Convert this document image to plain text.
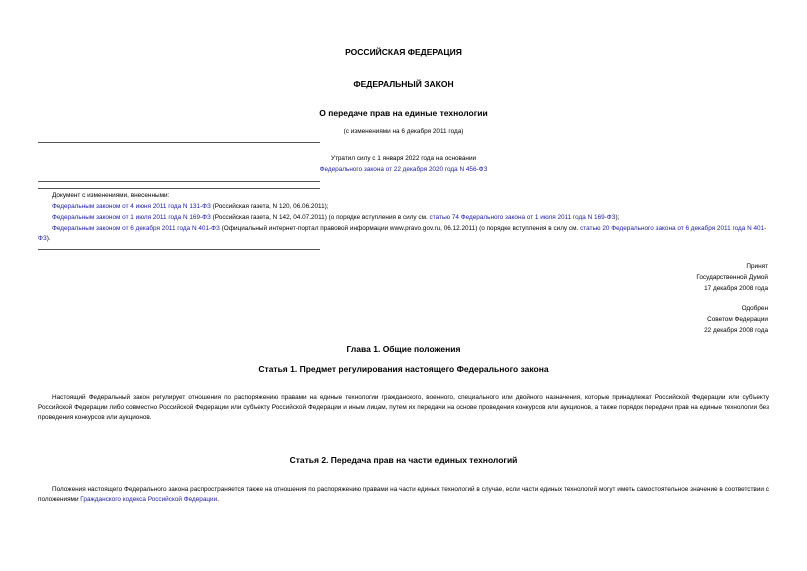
РОССИЙСКАЯ ФЕДЕРАЦИЯ
ФЕДЕРАЛЬНЫЙ ЗАКОН
О передаче прав на единые технологии
(с изменениями на 6 декабря 2011 года)
Утратил силу с 1 января 2022 года на основании
Федерального закона от 22 декабря 2020 года N 456-ФЗ
Документ с изменениями, внесенными:
Федеральным законом от 4 июня 2011 года N 131-ФЗ (Российская газета, N 120, 06.06.2011);
Федеральным законом от 1 июля 2011 года N 169-ФЗ (Российская газета, N 142, 04.07.2011) (о порядке вступления в силу см. статью 74 Федерального закона от 1 июля 2011 года N 169-ФЗ);
Федеральным законом от 6 декабря 2011 года N 401-ФЗ (Официальный интернет-портал правовой информации www.pravo.gov.ru, 06.12.2011) (о порядке вступления в силу см. статью 20 Федерального закона от 6 декабря 2011 года N 401-ФЗ).
Принят
Государственной Думой
17 декабря 2008 года
Одобрен
Советом Федерации
22 декабря 2008 года
Глава 1. Общие положения
Статья 1. Предмет регулирования настоящего Федерального закона
Настоящий Федеральный закон регулирует отношения по распоряжению правами на единые технологии гражданского, военного, специального или двойного назначения, которые принадлежат Российской Федерации или субъекту Российской Федерации либо совместно Российской Федерации или субъекту Российской Федерации и иным лицам, путем их передачи на основе проведения конкурсов или аукционов, а также порядок передачи прав на единые технологии без проведения конкурсов или аукционов.
Статья 2. Передача прав на части единых технологий
Положения настоящего Федерального закона распространяется также на отношения по распоряжению правами на части единых технологий в случае, если части единых технологий могут иметь самостоятельное значение в соответствии с положениями Гражданского кодекса Российской Федерации.
